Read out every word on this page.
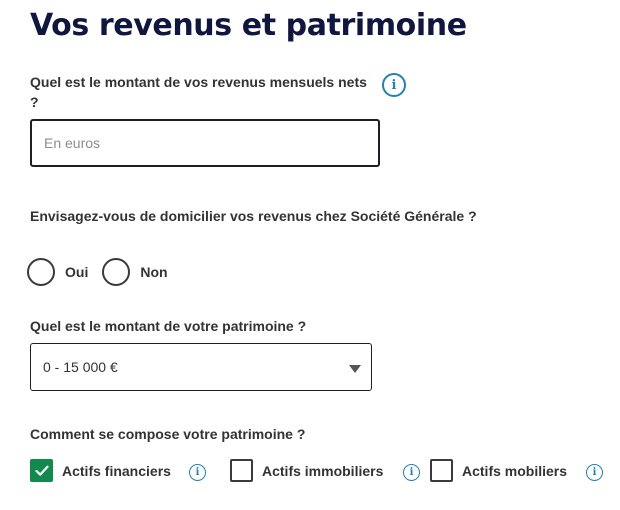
Vos revenus et patrimoine
Quel est le montant de vos revenus mensuels nets ?
i
En euros
Envisagez-vous de domicilier vos revenus chez Société Générale ?
Oui	Non
Quel est le montant de votre patrimoine ?
0 - 15 000 €
Comment se compose votre patrimoine ?
Actifs financiers	i	Actifs immobiliers	i	Actifs mobiliers	i
